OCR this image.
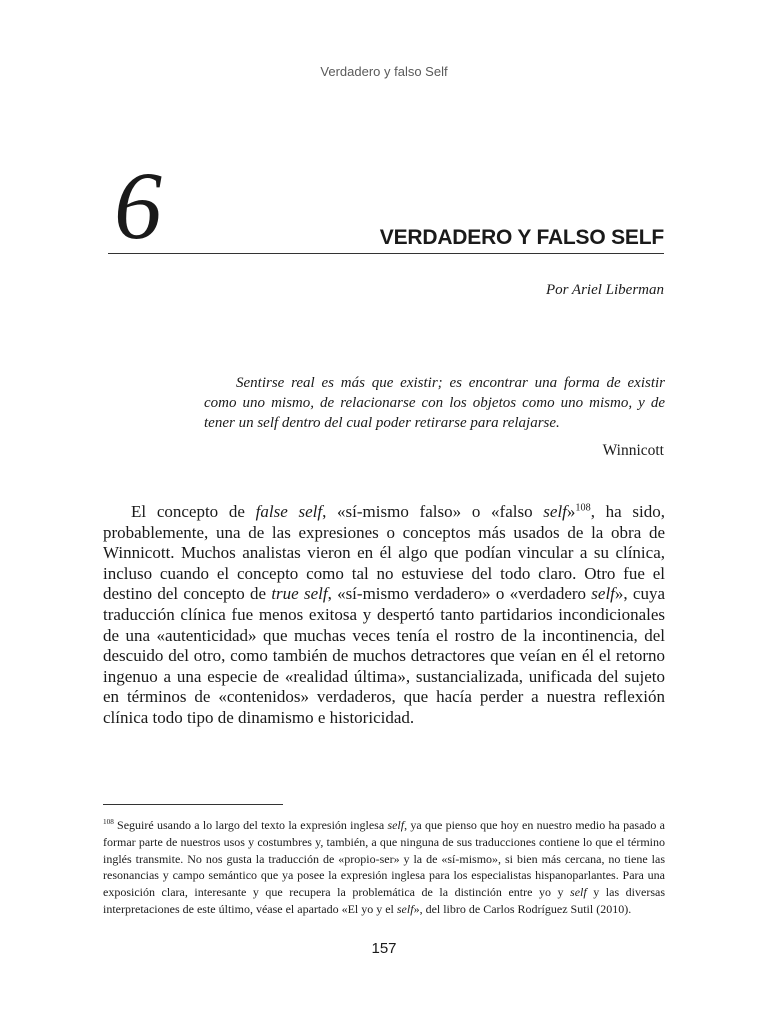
Verdadero y falso Self
6	VERDADERO Y FALSO SELF
Por Ariel Liberman

Sentirse real es más que existir; es encontrar una forma de existir como uno mismo, de relacionarse con los objetos como uno mismo, y de tener un self dentro del cual poder retirarse para relajarse.

Winnicott

El concepto de false self, «sí-mismo falso» o «falso self»$^{108}$, ha sido, probablemente, una de las expresiones o conceptos más usados de la obra de Winnicott. Muchos analistas vieron en él algo que podían vincular a su clínica, incluso cuando el concepto como tal no estuviese del todo claro. Otro fue el destino del concepto de true self, «sí-mismo verdadero» o «verdadero self», cuya traducción clínica fue menos exitosa y despertó tanto partidarios incondicionales de una «autenticidad» que muchas veces tenía el rostro de la incontinencia, del descuido del otro, como también de muchos detractores que veían en él el retorno ingenuo a una especie de «realidad última», sustancializada, unificada del sujeto en términos de «contenidos» verdaderos, que hacía perder a nuestra reflexión clínica todo tipo de dinamismo e historicidad.

$^{108}$ Seguiré usando a lo largo del texto la expresión inglesa self, ya que pienso que hoy en nuestro medio ha pasado a formar parte de nuestros usos y costumbres y, también, a que ninguna de sus traducciones contiene lo que el término inglés transmite. No nos gusta la traducción de «propio-ser» y la de «sí-mismo», si bien más cercana, no tiene las resonancias y campo semántico que ya posee la expresión inglesa para los especialistas hispanoparlantes. Para una exposición clara, interesante y que recupera la problemática de la distinción entre yo y self y las diversas interpretaciones de este último, véase el apartado «El yo y el self», del libro de Carlos Rodríguez Sutil (2010).

157
